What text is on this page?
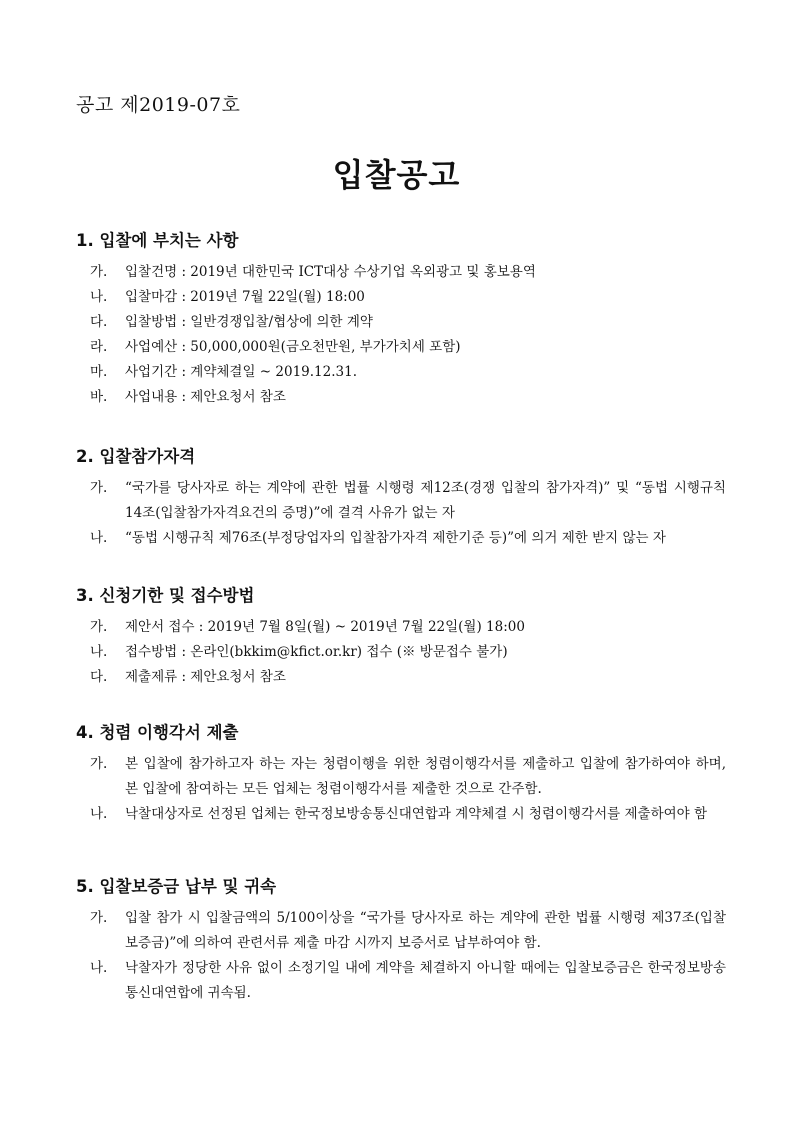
공고 제2019-07호
입찰공고
1. 입찰에 부치는 사항
가. 입찰건명 : 2019년 대한민국 ICT대상 수상기업 옥외광고 및 홍보용역
나. 입찰마감 : 2019년 7월 22일(월) 18:00
다. 입찰방법 : 일반경쟁입찰/협상에 의한 계약
라. 사업예산 : 50,000,000원(금오천만원, 부가가치세 포함)
마. 사업기간 : 계약체결일 ~ 2019.12.31.
바. 사업내용 : 제안요청서 참조
2. 입찰참가자격
가. “국가를 당사자로 하는 계약에 관한 법률 시행령 제12조(경쟁 입찰의 참가자격)” 및 “동법 시행규칙 14조(입찰참가자격요건의 증명)”에 결격 사유가 없는 자
나. “동법 시행규칙 제76조(부정당업자의 입찰참가자격 제한기준 등)”에 의거 제한 받지 않는 자
3. 신청기한 및 접수방법
가. 제안서 접수 : 2019년 7월 8일(월) ~ 2019년 7월 22일(월) 18:00
나. 접수방법 : 온라인(bkkim@kfict.or.kr) 접수 (※ 방문접수 불가)
다. 제출제류 : 제안요청서 참조
4. 청렴 이행각서 제출
가. 본 입찰에 참가하고자 하는 자는 청렴이행을 위한 청렴이행각서를 제출하고 입찰에 참가하여야 하며, 본 입찰에 참여하는 모든 업체는 청렴이행각서를 제출한 것으로 간주함.
나. 낙찰대상자로 선정된 업체는 한국정보방송통신대연합과 계약체결 시 청렴이행각서를 제출하여야 함
5. 입찰보증금 납부 및 귀속
가. 입찰 참가 시 입찰금액의 5/100이상을 “국가를 당사자로 하는 계약에 관한 법률 시행령 제37조(입찰보증금)”에 의하여 관련서류 제출 마감 시까지 보증서로 납부하여야 함.
나. 낙찰자가 정당한 사유 없이 소정기일 내에 계약을 체결하지 아니할 때에는 입찰보증금은 한국정보방송통신대연합에 귀속됨.
